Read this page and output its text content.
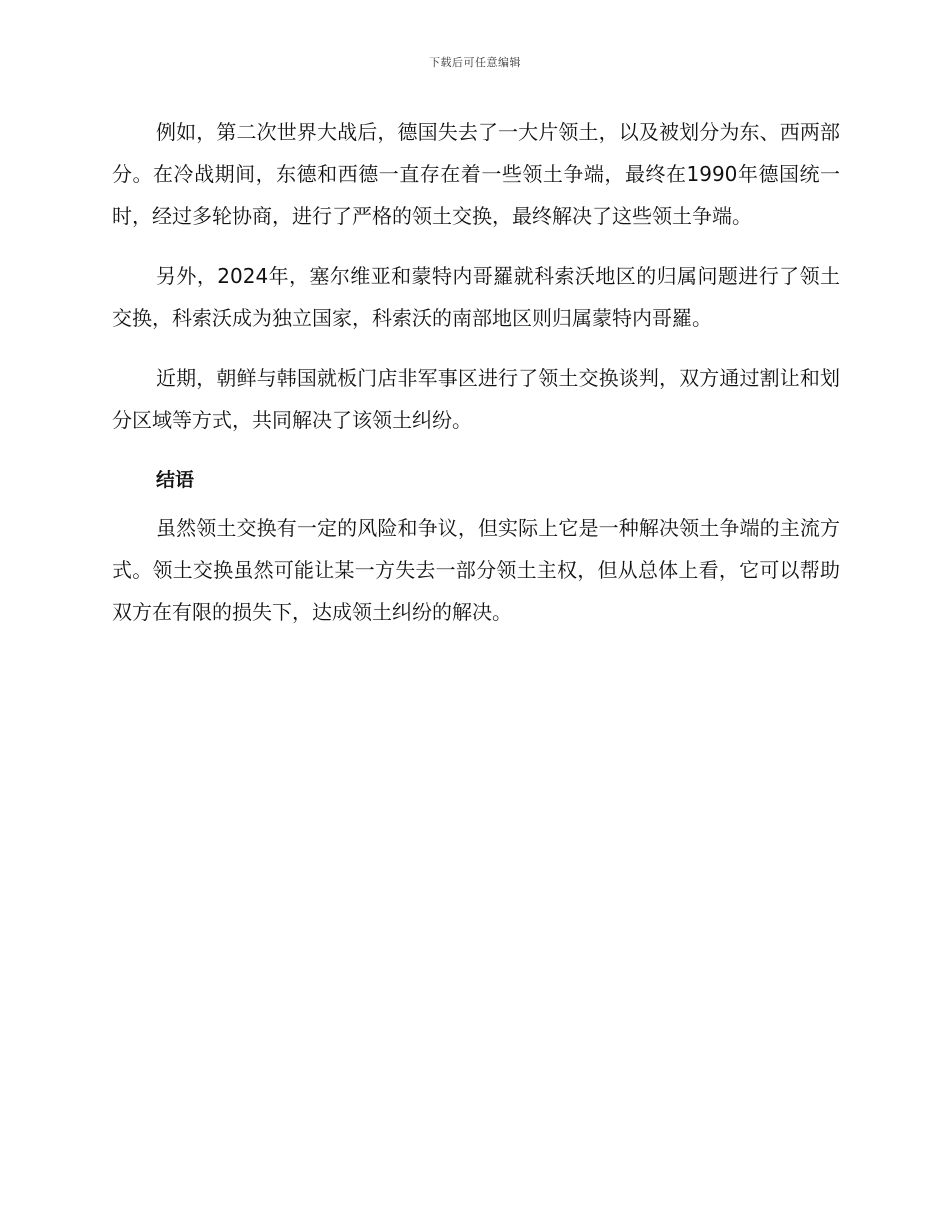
下载后可任意编辑

例如，第二次世界大战后，德国失去了一大片领土，以及被划分为东、西两部分。在冷战期间，东德和西德一直存在着一些领土争端，最终在1990年德国统一时，经过多轮协商，进行了严格的领土交换，最终解决了这些领土争端。

另外，2024年，塞尔维亚和蒙特内哥羅就科索沃地区的归属问题进行了领土交换，科索沃成为独立国家，科索沃的南部地区则归属蒙特内哥羅。

近期，朝鲜与韩国就板门店非军事区进行了领土交换谈判，双方通过割让和划分区域等方式，共同解决了该领土纠纷。

结语

虽然领土交换有一定的风险和争议，但实际上它是一种解决领土争端的主流方式。领土交换虽然可能让某一方失去一部分领土主权，但从总体上看，它可以帮助双方在有限的损失下，达成领土纠纷的解决。
